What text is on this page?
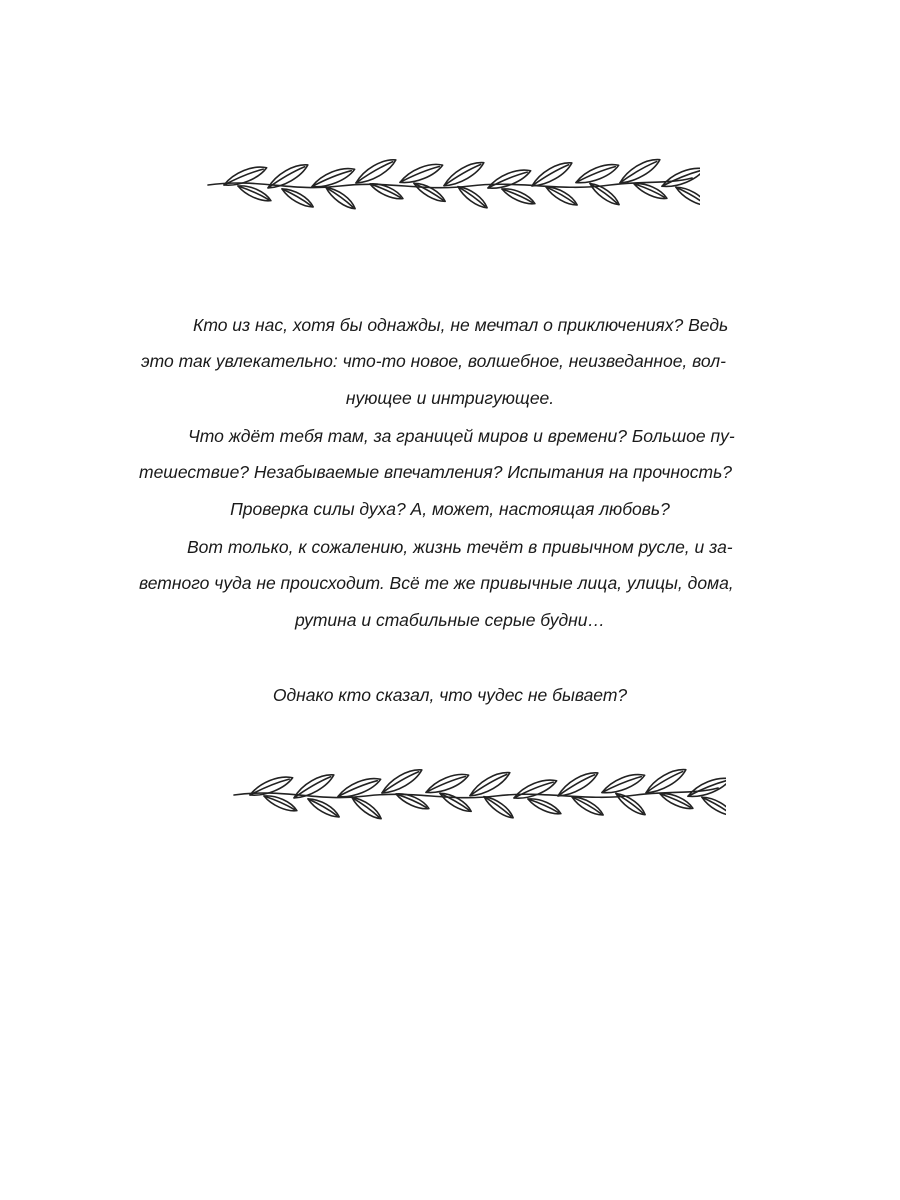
Кто из нас, хотя бы однажды, не мечтал о приключениях? Ведь
это так увлекательно: что-то новое, волшебное, неизведанное, вол-
нующее и интригующее.
Что ждёт тебя там, за границей миров и времени? Большое пу-
тешествие? Незабываемые впечатления? Испытания на прочность?
Проверка силы духа? А, может, настоящая любовь?
Вот только, к сожалению, жизнь течёт в привычном русле, и за-
ветного чуда не происходит. Всё те же привычные лица, улицы, дома,
рутина и стабильные серые будни…
Однако кто сказал, что чудес не бывает?
